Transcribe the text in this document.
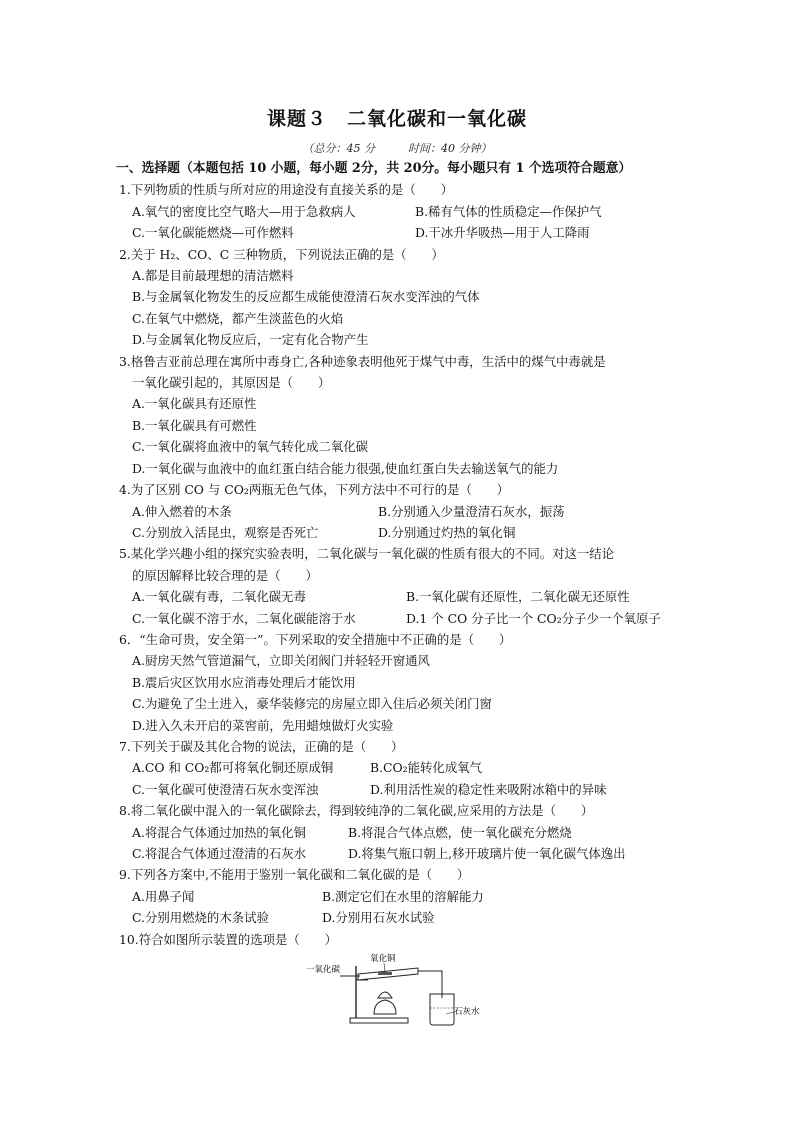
课题３　二氧化碳和一氧化碳
（总分：45 分　　　时间：40 分钟）
一、选择题（本题包括 10 小题，每小题 2分，共 20分。每小题只有 1 个选项符合题意）
1.下列物质的性质与所对应的用途没有直接关系的是（　　）
A.氧气的密度比空气略大—用于急救病人	B.稀有气体的性质稳定—作保护气
C.一氧化碳能燃烧—可作燃料	D.干冰升华吸热—用于人工降雨
2.关于 H₂、CO、C 三种物质，下列说法正确的是（　　）
A.都是目前最理想的清洁燃料
B.与金属氧化物发生的反应都生成能使澄清石灰水变浑浊的气体
C.在氧气中燃烧，都产生淡蓝色的火焰
D.与金属氧化物反应后，一定有化合物产生
3.格鲁吉亚前总理在寓所中毒身亡,各种迹象表明他死于煤气中毒，生活中的煤气中毒就是
一氧化碳引起的，其原因是（　　）
A.一氧化碳具有还原性
B.一氧化碳具有可燃性
C.一氧化碳将血液中的氧气转化成二氧化碳
D.一氧化碳与血液中的血红蛋白结合能力很强,使血红蛋白失去输送氧气的能力
4.为了区别 CO 与 CO₂两瓶无色气体，下列方法中不可行的是（　　）
A.伸入燃着的木条	B.分别通入少量澄清石灰水，振荡
C.分别放入活昆虫，观察是否死亡	D.分别通过灼热的氧化铜
5.某化学兴趣小组的探究实验表明，二氧化碳与一氧化碳的性质有很大的不同。对这一结论
的原因解释比较合理的是（　　）
A.一氧化碳有毒，二氧化碳无毒	B.一氧化碳有还原性，二氧化碳无还原性
C.一氧化碳不溶于水，二氧化碳能溶于水	D.1 个 CO 分子比一个 CO₂分子少一个氧原子
6．“生命可贵，安全第一”。下列采取的安全措施中不正确的是（　　）
A.厨房天然气管道漏气，立即关闭阀门并轻轻开窗通风
B.震后灾区饮用水应消毒处理后才能饮用
C.为避免了尘土进入，豪华装修完的房屋立即入住后必须关闭门窗
D.进入久未开启的菜窖前，先用蜡烛做灯火实验
7.下列关于碳及其化合物的说法，正确的是（　　）
A.CO 和 CO₂都可将氧化铜还原成铜	B.CO₂能转化成氧气
C.一氧化碳可使澄清石灰水变浑浊	D.利用活性炭的稳定性来吸附冰箱中的异味
8.将二氧化碳中混入的一氧化碳除去，得到较纯净的二氧化碳,应采用的方法是（　　）
A.将混合气体通过加热的氧化铜	B.将混合气体点燃，使一氧化碳充分燃烧
C.将混合气体通过澄清的石灰水	D.将集气瓶口朝上,移开玻璃片使一氧化碳气体逸出
9.下列各方案中,不能用于鉴别一氧化碳和二氧化碳的是（　　）
A.用鼻子闻	B.测定它们在水里的溶解能力
C.分别用燃烧的木条试验	D.分别用石灰水试验
10.符合如图所示装置的选项是（　　）
一氧化碳
氧化铜
石灰水
